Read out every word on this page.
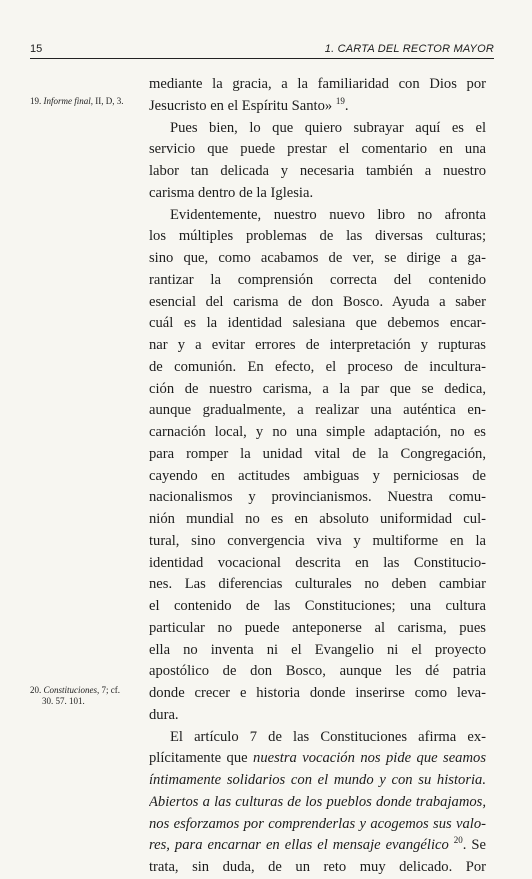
15	1. CARTA DEL RECTOR MAYOR
19. Informe final, II, D, 3.
20. Constituciones, 7; cf.
30. 57. 101.
mediante la gracia, a la familiaridad con Dios por
Jesucristo en el Espíritu Santo» $^{19}$.
Pues bien, lo que quiero subrayar aquí es el
servicio que puede prestar el comentario en una
labor tan delicada y necesaria también a nuestro
carisma dentro de la Iglesia.
Evidentemente, nuestro nuevo libro no afronta
los múltiples problemas de las diversas culturas;
sino que, como acabamos de ver, se dirige a ga-
rantizar la comprensión correcta del contenido
esencial del carisma de don Bosco. Ayuda a saber
cuál es la identidad salesiana que debemos encar-
nar y a evitar errores de interpretación y rupturas
de comunión. En efecto, el proceso de incultura-
ción de nuestro carisma, a la par que se dedica,
aunque gradualmente, a realizar una auténtica en-
carnación local, y no una simple adaptación, no es
para romper la unidad vital de la Congregación,
cayendo en actitudes ambiguas y perniciosas de
nacionalismos y provincianismos. Nuestra comu-
nión mundial no es en absoluto uniformidad cul-
tural, sino convergencia viva y multiforme en la
identidad vocacional descrita en las Constitucio-
nes. Las diferencias culturales no deben cambiar
el contenido de las Constituciones; una cultura
particular no puede anteponerse al carisma, pues
ella no inventa ni el Evangelio ni el proyecto
apostólico de don Bosco, aunque les dé patria
donde crecer e historia donde inserirse como leva-
dura.
El artículo 7 de las Constituciones afirma ex-
plícitamente que nuestra vocación nos pide que seamos
íntimamente solidarios con el mundo y con su historia.
Abiertos a las culturas de los pueblos donde trabajamos,
nos esforzamos por comprenderlas y acogemos sus valo-
res, para encarnar en ellas el mensaje evangélico $^{20}$. Se
trata, sin duda, de un reto muy delicado. Por
